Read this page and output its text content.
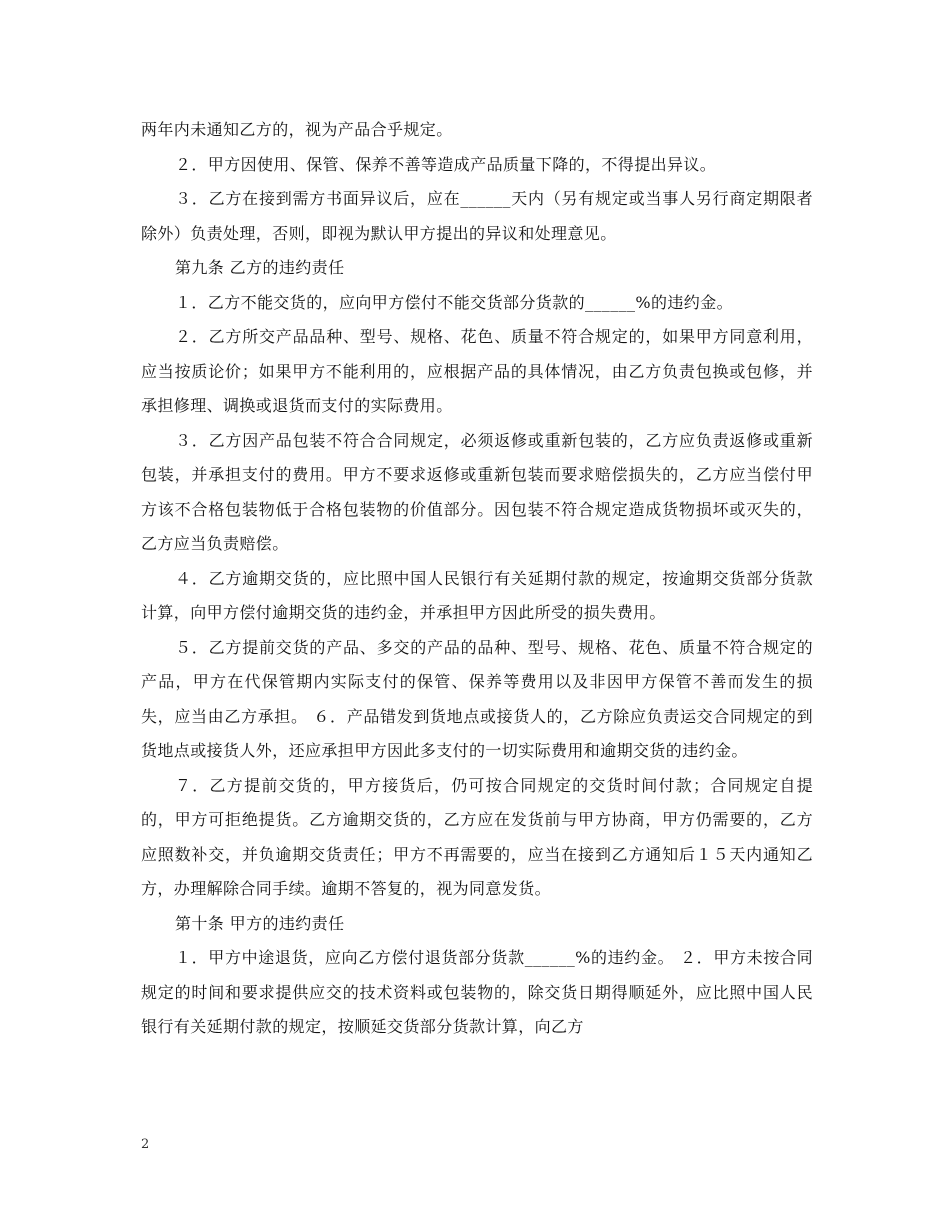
两年内未通知乙方的，视为产品合乎规定。

２．甲方因使用、保管、保养不善等造成产品质量下降的，不得提出异议。

３．乙方在接到需方书面异议后，应在______天内（另有规定或当事人另行商定期限者除外）负责处理，否则，即视为默认甲方提出的异议和处理意见。

第九条 乙方的违约责任

１．乙方不能交货的，应向甲方偿付不能交货部分货款的______%的违约金。

２．乙方所交产品品种、型号、规格、花色、质量不符合规定的，如果甲方同意利用，应当按质论价；如果甲方不能利用的，应根据产品的具体情况，由乙方负责包换或包修，并承担修理、调换或退货而支付的实际费用。

３．乙方因产品包装不符合合同规定，必须返修或重新包装的，乙方应负责返修或重新包装，并承担支付的费用。甲方不要求返修或重新包装而要求赔偿损失的，乙方应当偿付甲方该不合格包装物低于合格包装物的价值部分。因包装不符合规定造成货物损坏或灭失的，乙方应当负责赔偿。

４．乙方逾期交货的，应比照中国人民银行有关延期付款的规定，按逾期交货部分货款计算，向甲方偿付逾期交货的违约金，并承担甲方因此所受的损失费用。

５．乙方提前交货的产品、多交的产品的品种、型号、规格、花色、质量不符合规定的产品，甲方在代保管期内实际支付的保管、保养等费用以及非因甲方保管不善而发生的损失，应当由乙方承担。 ６．产品错发到货地点或接货人的，乙方除应负责运交合同规定的到货地点或接货人外，还应承担甲方因此多支付的一切实际费用和逾期交货的违约金。

７．乙方提前交货的，甲方接货后，仍可按合同规定的交货时间付款；合同规定自提的，甲方可拒绝提货。乙方逾期交货的，乙方应在发货前与甲方协商，甲方仍需要的，乙方应照数补交，并负逾期交货责任；甲方不再需要的，应当在接到乙方通知后１５天内通知乙方，办理解除合同手续。逾期不答复的，视为同意发货。

第十条 甲方的违约责任

１．甲方中途退货，应向乙方偿付退货部分货款______%的违约金。 ２．甲方未按合同规定的时间和要求提供应交的技术资料或包装物的，除交货日期得顺延外，应比照中国人民银行有关延期付款的规定，按顺延交货部分货款计算，向乙方

2
